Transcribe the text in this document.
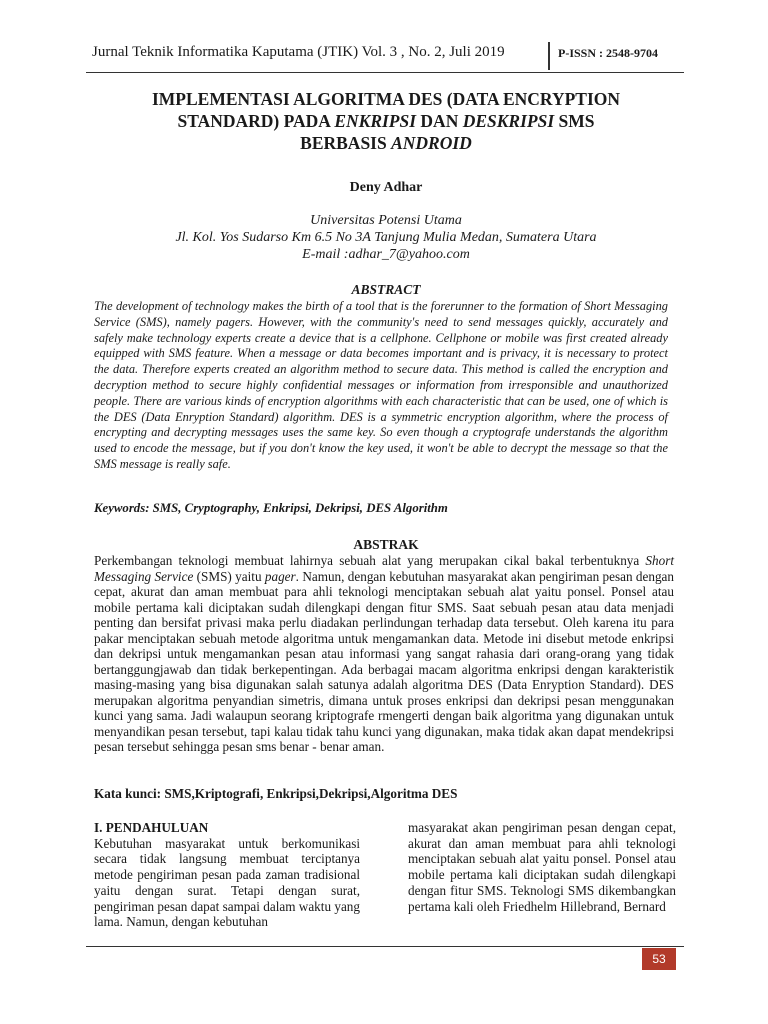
Jurnal Teknik Informatika Kaputama (JTIK) Vol. 3 , No. 2, Juli 2019	P-ISSN : 2548-9704
IMPLEMENTASI ALGORITMA DES (DATA ENCRYPTION
STANDARD) PADA ENKRIPSI DAN DESKRIPSI SMS
BERBASIS ANDROID
Deny Adhar
Universitas Potensi Utama
Jl. Kol. Yos Sudarso Km 6.5 No 3A Tanjung Mulia Medan, Sumatera Utara
E-mail :adhar_7@yahoo.com
ABSTRACT
The development of technology makes the birth of a tool that is the forerunner to the formation of Short Messaging Service (SMS), namely pagers. However, with the community's need to send messages quickly, accurately and safely make technology experts create a device that is a cellphone. Cellphone or mobile was first created already equipped with SMS feature. When a message or data becomes important and is privacy, it is necessary to protect the data. Therefore experts created an algorithm method to secure data. This method is called the encryption and decryption method to secure highly confidential messages or information from irresponsible and unauthorized people. There are various kinds of encryption algorithms with each characteristic that can be used, one of which is the DES (Data Enryption Standard) algorithm. DES is a symmetric encryption algorithm, where the process of encrypting and decrypting messages uses the same key. So even though a cryptografe understands the algorithm used to encode the message, but if you don't know the key used, it won't be able to decrypt the message so that the SMS message is really safe.
Keywords: SMS, Cryptography, Enkripsi, Dekripsi, DES Algorithm
ABSTRAK
Perkembangan teknologi membuat lahirnya sebuah alat yang merupakan cikal bakal terbentuknya Short Messaging Service (SMS) yaitu pager. Namun, dengan kebutuhan masyarakat akan pengiriman pesan dengan cepat, akurat dan aman membuat para ahli teknologi menciptakan sebuah alat yaitu ponsel. Ponsel atau mobile pertama kali diciptakan sudah dilengkapi dengan fitur SMS. Saat sebuah pesan atau data menjadi penting dan bersifat privasi maka perlu diadakan perlindungan terhadap data tersebut. Oleh karena itu para pakar menciptakan sebuah metode algoritma untuk mengamankan data. Metode ini disebut metode enkripsi dan dekripsi untuk mengamankan pesan atau informasi yang sangat rahasia dari orang-orang yang tidak bertanggungjawab dan tidak berkepentingan. Ada berbagai macam algoritma enkripsi dengan karakteristik masing-masing yang bisa digunakan salah satunya adalah algoritma DES (Data Enryption Standard). DES merupakan algoritma penyandian simetris, dimana untuk proses enkripsi dan dekripsi pesan menggunakan kunci yang sama. Jadi walaupun seorang kriptografe rmengerti dengan baik algoritma yang digunakan untuk menyandikan pesan tersebut, tapi kalau tidak tahu kunci yang digunakan, maka tidak akan dapat mendekripsi pesan tersebut sehingga pesan sms benar - benar aman.
Kata kunci: SMS,Kriptografi, Enkripsi,Dekripsi,Algoritma DES
I. PENDAHULUAN
Kebutuhan masyarakat untuk berkomunikasi secara tidak langsung membuat terciptanya metode pengiriman pesan pada zaman tradisional yaitu dengan surat. Tetapi dengan surat, pengiriman pesan dapat sampai dalam waktu yang lama. Namun, dengan kebutuhan
masyarakat akan pengiriman pesan dengan cepat, akurat dan aman membuat para ahli teknologi menciptakan sebuah alat yaitu ponsel. Ponsel atau mobile pertama kali diciptakan sudah dilengkapi dengan fitur SMS. Teknologi SMS dikembangkan pertama kali oleh Friedhelm Hillebrand, Bernard
53
